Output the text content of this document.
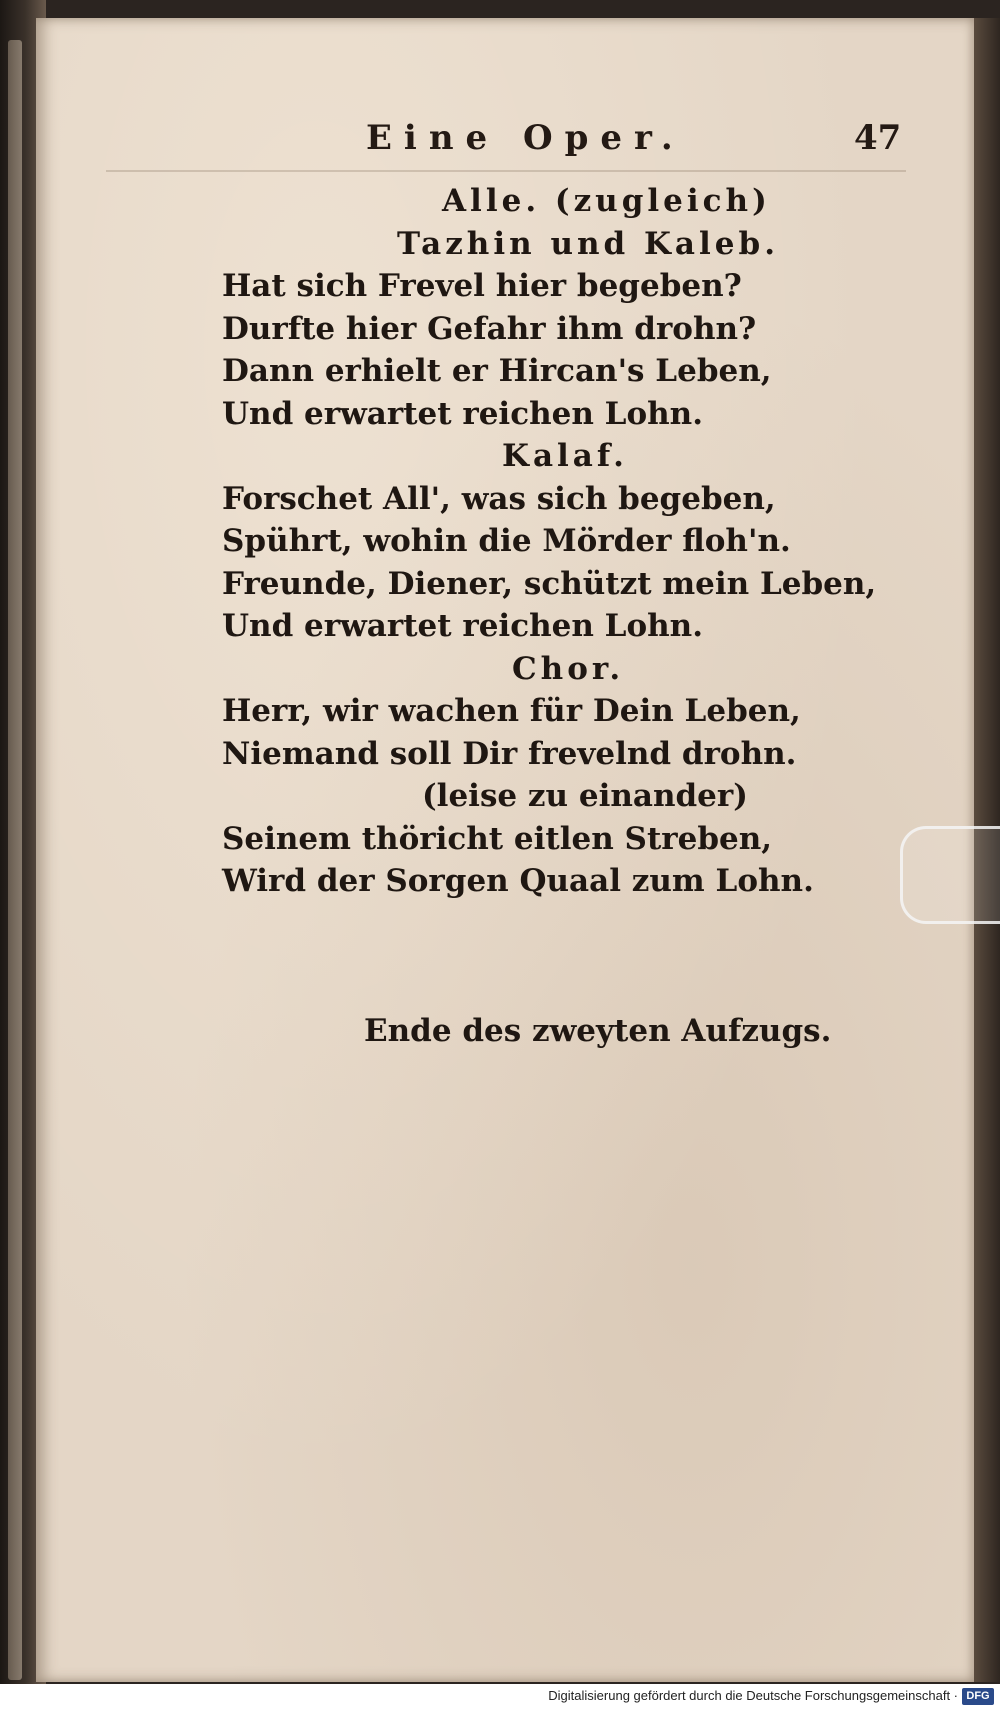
Eine Oper.	47
Alle. (zugleich)
Tazhin und Kaleb.
Hat sich Frevel hier begeben?
Durfte hier Gefahr ihm drohn?
Dann erhielt er Hircan's Leben,
Und erwartet reichen Lohn.
Kalaf.
Forschet All', was sich begeben,
Spührt, wohin die Mörder floh'n.
Freunde, Diener, schützt mein Leben,
Und erwartet reichen Lohn.
Chor.
Herr, wir wachen für Dein Leben,
Niemand soll Dir frevelnd drohn.
(leise zu einander)
Seinem thöricht eitlen Streben,
Wird der Sorgen Quaal zum Lohn.
Ende des zweyten Aufzugs.
Digitalisierung gefördert durch die Deutsche Forschungsgemeinschaft · DFG
